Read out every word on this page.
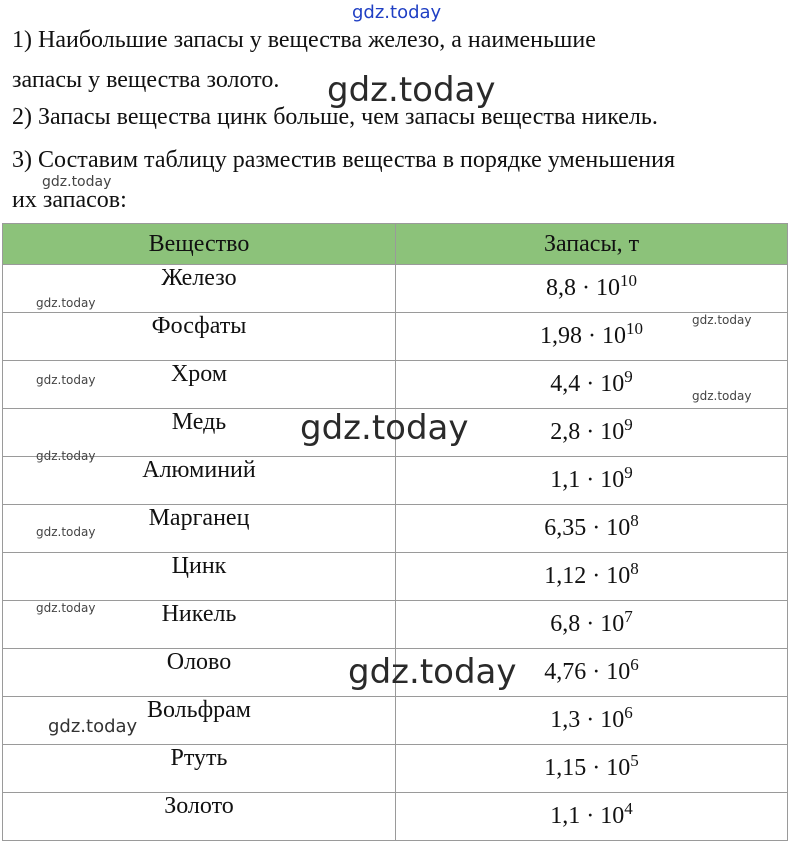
gdz.today

1) Наибольшие запасы у вещества железо, а наименьшие
запасы у вещества золото.

2) Запасы вещества цинк больше, чем запасы вещества никель.

3) Составим таблицу разместив вещества в порядке уменьшения
их запасов:

Вещество	Запасы, т
Железо	$8,8 \cdot 10^{10}$
Фосфаты	$1,98 \cdot 10^{10}$
Хром	$4,4 \cdot 10^9$
Медь	$2,8 \cdot 10^9$
Алюминий	$1,1 \cdot 10^9$
Марганец	$6,35 \cdot 10^8$
Цинк	$1,12 \cdot 10^8$
Никель	$6,8 \cdot 10^7$
Олово	$4,76 \cdot 10^6$
Вольфрам	$1,3 \cdot 10^6$
Ртуть	$1,15 \cdot 10^5$
Золото	$1,1 \cdot 10^4$
gdz.today
gdz.today
gdz.today
gdz.today
gdz.today
gdz.today
gdz.today
gdz.today
gdz.today
gdz.today
gdz.today
gdz.today
